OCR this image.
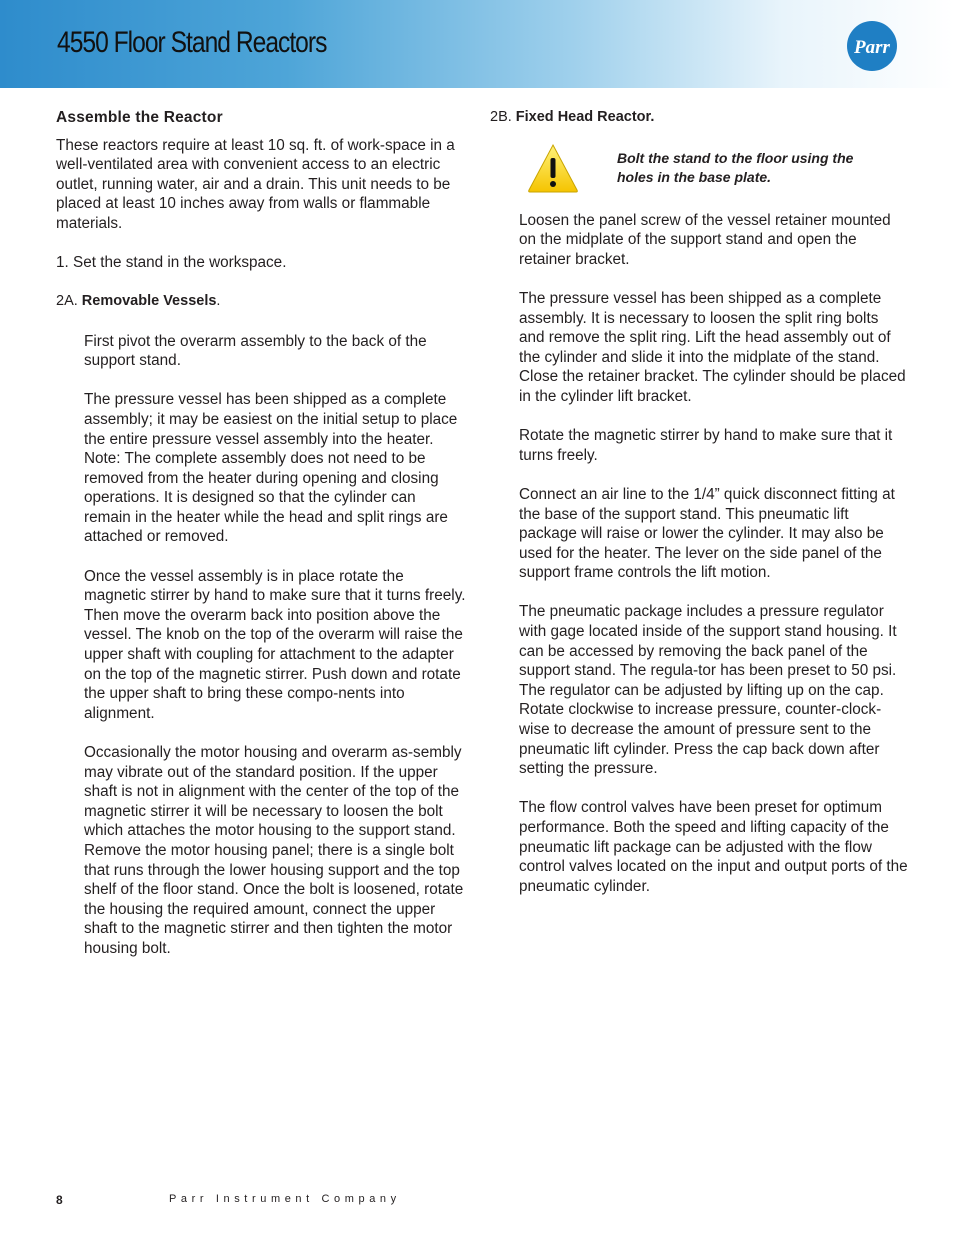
4550 Floor Stand Reactors	Parr

Assemble the Reactor

These reactors require at least 10 sq. ft. of work-space in a well-ventilated area with convenient access to an electric outlet, running water, air and a drain. This unit needs to be placed at least 10 inches away from walls or flammable materials.

1. Set the stand in the workspace.

2A. Removable Vessels.

First pivot the overarm assembly to the back of the support stand.

The pressure vessel has been shipped as a complete assembly; it may be easiest on the initial setup to place the entire pressure vessel assembly into the heater. Note: The complete assembly does not need to be removed from the heater during opening and closing operations. It is designed so that the cylinder can remain in the heater while the head and split rings are attached or removed.

Once the vessel assembly is in place rotate the magnetic stirrer by hand to make sure that it turns freely. Then move the overarm back into position above the vessel. The knob on the top of the overarm will raise the upper shaft with coupling for attachment to the adapter on the top of the magnetic stirrer. Push down and rotate the upper shaft to bring these compo-nents into alignment.

Occasionally the motor housing and overarm as-sembly may vibrate out of the standard position. If the upper shaft is not in alignment with the center of the top of the magnetic stirrer it will be necessary to loosen the bolt which attaches the motor housing to the support stand. Remove the motor housing panel; there is a single bolt that runs through the lower housing support and the top shelf of the floor stand. Once the bolt is loosened, rotate the housing the required amount, connect the upper shaft to the magnetic stirrer and then tighten the motor housing bolt.

2B. Fixed Head Reactor.

Bolt the stand to the floor using the holes in the base plate.

Loosen the panel screw of the vessel retainer mounted on the midplate of the support stand and open the retainer bracket.

The pressure vessel has been shipped as a complete assembly. It is necessary to loosen the split ring bolts and remove the split ring. Lift the head assembly out of the cylinder and slide it into the midplate of the stand. Close the retainer bracket. The cylinder should be placed in the cylinder lift bracket.

Rotate the magnetic stirrer by hand to make sure that it turns freely.

Connect an air line to the 1/4” quick disconnect fitting at the base of the support stand. This pneumatic lift package will raise or lower the cylinder. It may also be used for the heater. The lever on the side panel of the support frame controls the lift motion.

The pneumatic package includes a pressure regulator with gage located inside of the support stand housing. It can be accessed by removing the back panel of the support stand. The regula-tor has been preset to 50 psi. The regulator can be adjusted by lifting up on the cap. Rotate clockwise to increase pressure, counter-clock-wise to decrease the amount of pressure sent to the pneumatic lift cylinder. Press the cap back down after setting the pressure.

The flow control valves have been preset for optimum performance. Both the speed and lifting capacity of the pneumatic lift package can be adjusted with the flow control valves located on the input and output ports of the pneumatic cylinder.

8	Parr Instrument Company
